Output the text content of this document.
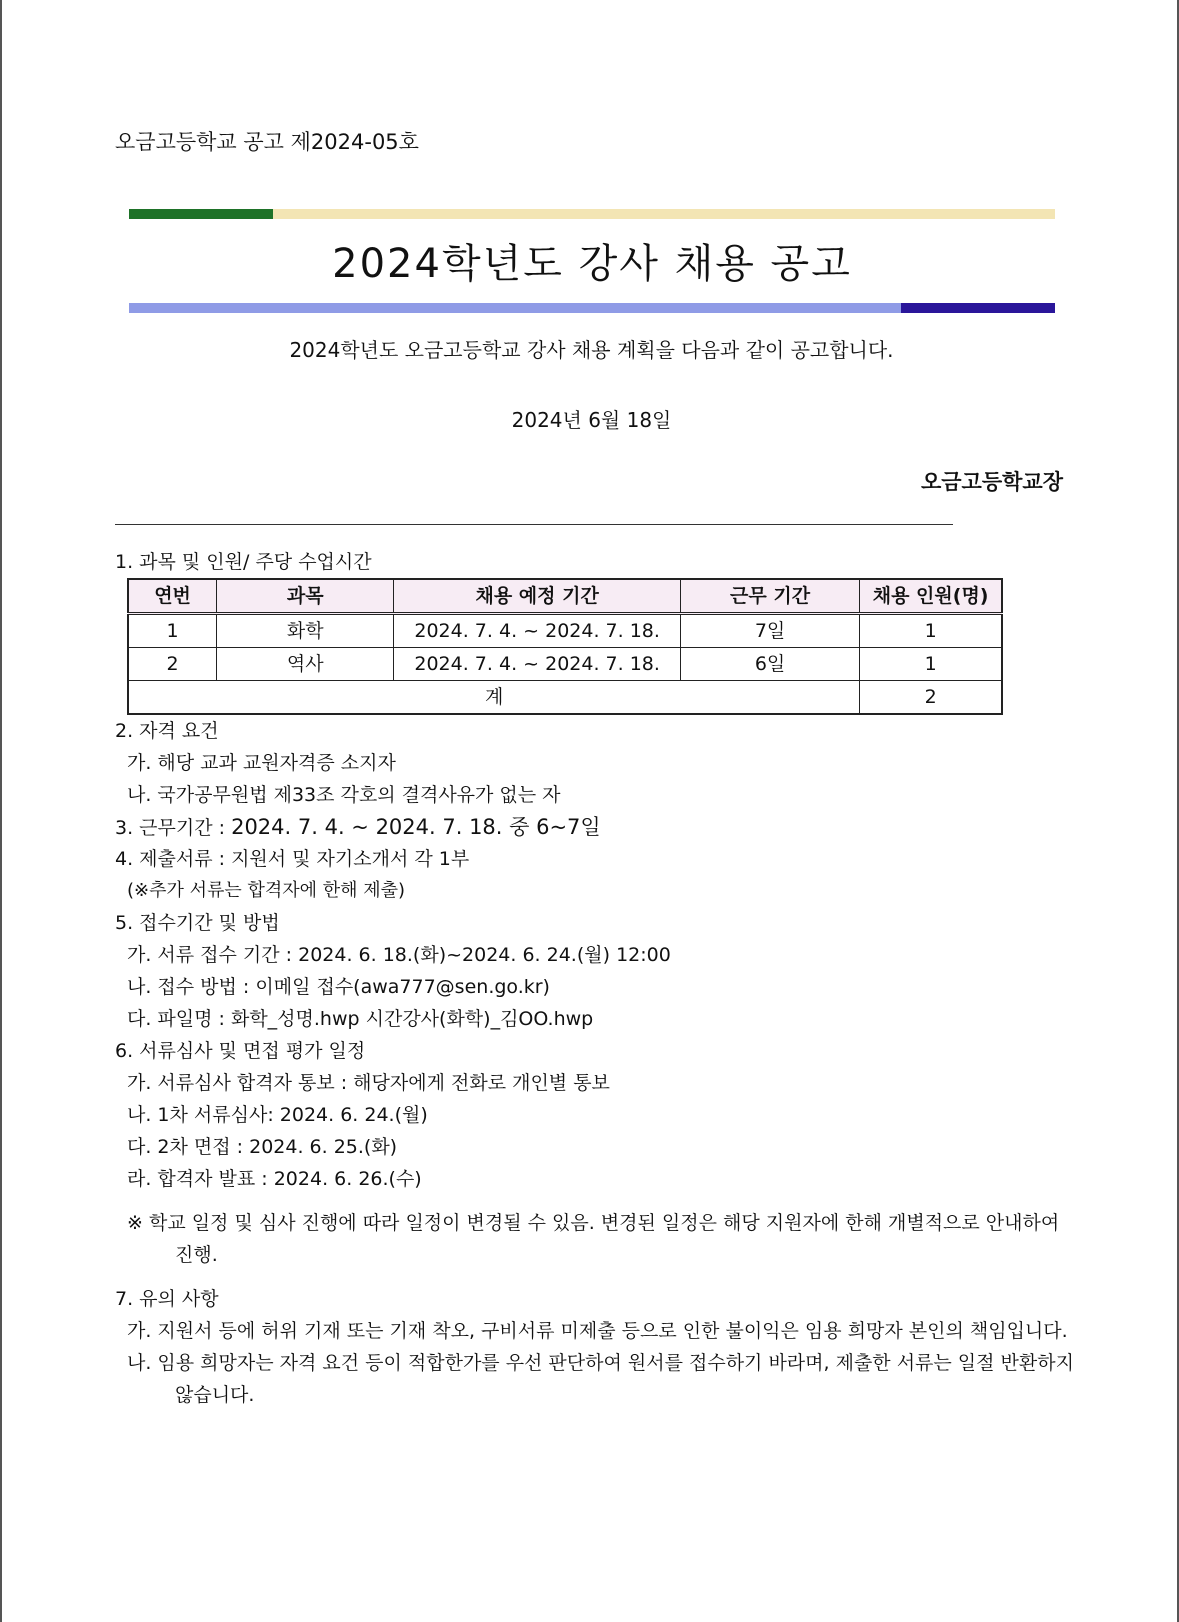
오금고등학교 공고 제2024-05호
2024학년도 강사 채용 공고
2024학년도 오금고등학교 강사 채용 계획을 다음과 같이 공고합니다.
2024년 6월 18일
오금고등학교장
1. 과목 및 인원/ 주당 수업시간
연번	과목	채용 예정 기간	근무 기간	채용 인원(명)
1	화학	2024. 7. 4. ~ 2024. 7. 18.	7일	1
2	역사	2024. 7. 4. ~ 2024. 7. 18.	6일	1
계				2
2. 자격 요건
가. 해당 교과 교원자격증 소지자
나. 국가공무원법 제33조 각호의 결격사유가 없는 자
3. 근무기간 : 2024. 7. 4. ~ 2024. 7. 18. 중 6~7일
4. 제출서류 : 지원서 및 자기소개서 각 1부
(※추가 서류는 합격자에 한해 제출)
5. 접수기간 및 방법
가. 서류 접수 기간 : 2024. 6. 18.(화)~2024. 6. 24.(월) 12:00
나. 접수 방법 : 이메일 접수(awa777@sen.go.kr)
다. 파일명 : 화학_성명.hwp 시간강사(화학)_김OO.hwp
6. 서류심사 및 면접 평가 일정
가. 서류심사 합격자 통보 : 해당자에게 전화로 개인별 통보
나. 1차 서류심사: 2024. 6. 24.(월)
다. 2차 면접 : 2024. 6. 25.(화)
라. 합격자 발표 : 2024. 6. 26.(수)
※ 학교 일정 및 심사 진행에 따라 일정이 변경될 수 있음. 변경된 일정은 해당 지원자에 한해 개별적으로 안내하여 진행.
7. 유의 사항
가. 지원서 등에 허위 기재 또는 기재 착오, 구비서류 미제출 등으로 인한 불이익은 임용 희망자 본인의 책임입니다.
나. 임용 희망자는 자격 요건 등이 적합한가를 우선 판단하여 원서를 접수하기 바라며, 제출한 서류는 일절 반환하지 않습니다.
